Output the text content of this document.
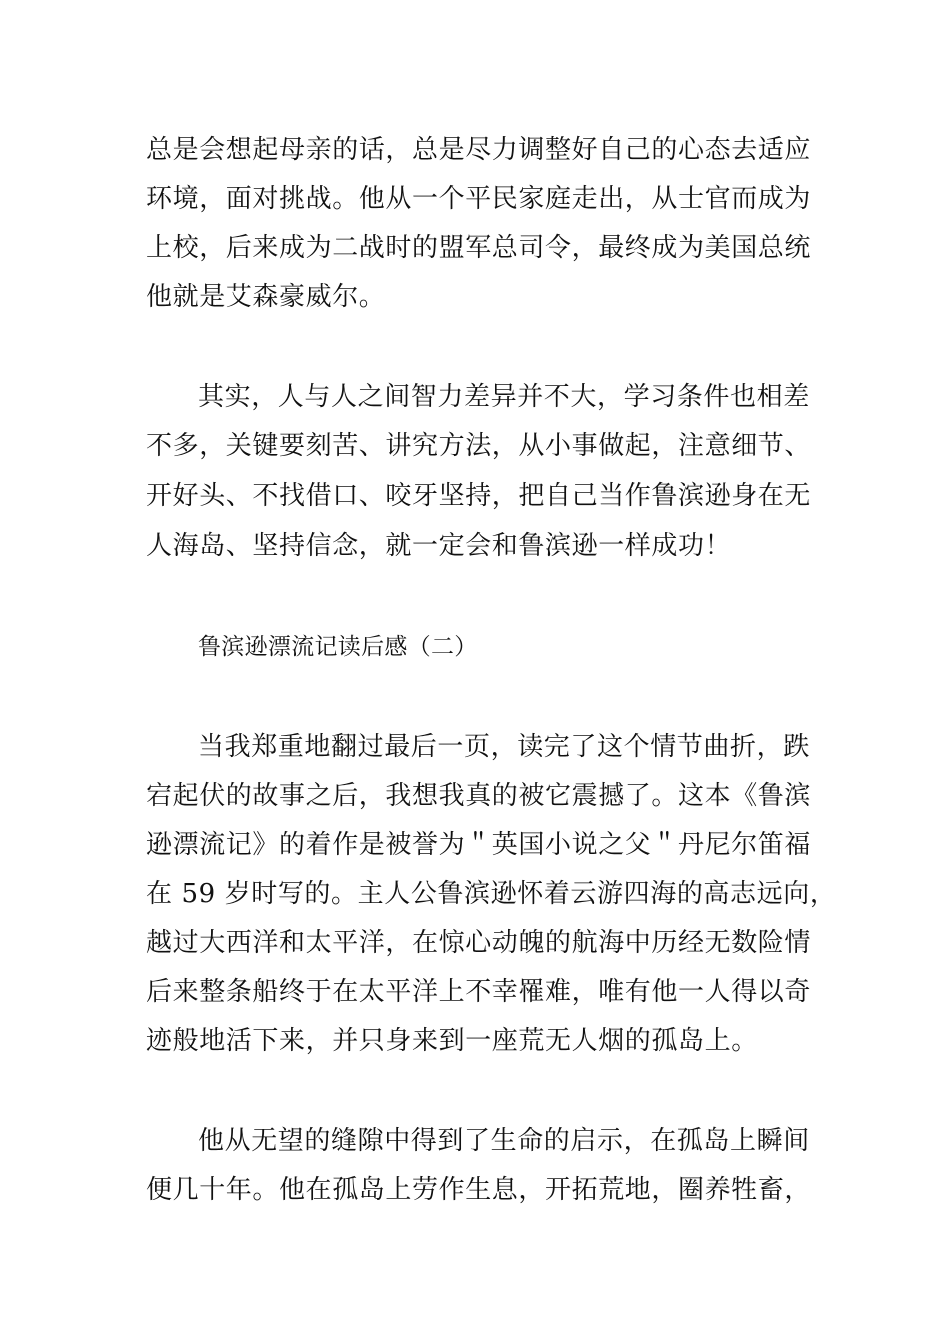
总是会想起母亲的话，总是尽力调整好自己的心态去适应
环境，面对挑战。他从一个平民家庭走出，从士官而成为
上校，后来成为二战时的盟军总司令，最终成为美国总统
他就是艾森豪威尔。
其实，人与人之间智力差异并不大，学习条件也相差
不多，关键要刻苦、讲究方法，从小事做起，注意细节、
开好头、不找借口、咬牙坚持，把自己当作鲁滨逊身在无
人海岛、坚持信念，就一定会和鲁滨逊一样成功！
鲁滨逊漂流记读后感（二）
当我郑重地翻过最后一页，读完了这个情节曲折，跌
宕起伏的故事之后，我想我真的被它震撼了。这本《鲁滨
逊漂流记》的着作是被誉为＂英国小说之父＂丹尼尔笛福
在 59 岁时写的。主人公鲁滨逊怀着云游四海的高志远向，
越过大西洋和太平洋，在惊心动魄的航海中历经无数险情
后来整条船终于在太平洋上不幸罹难，唯有他一人得以奇
迹般地活下来，并只身来到一座荒无人烟的孤岛上。
他从无望的缝隙中得到了生命的启示，在孤岛上瞬间
便几十年。他在孤岛上劳作生息，开拓荒地，圈养牲畜，
